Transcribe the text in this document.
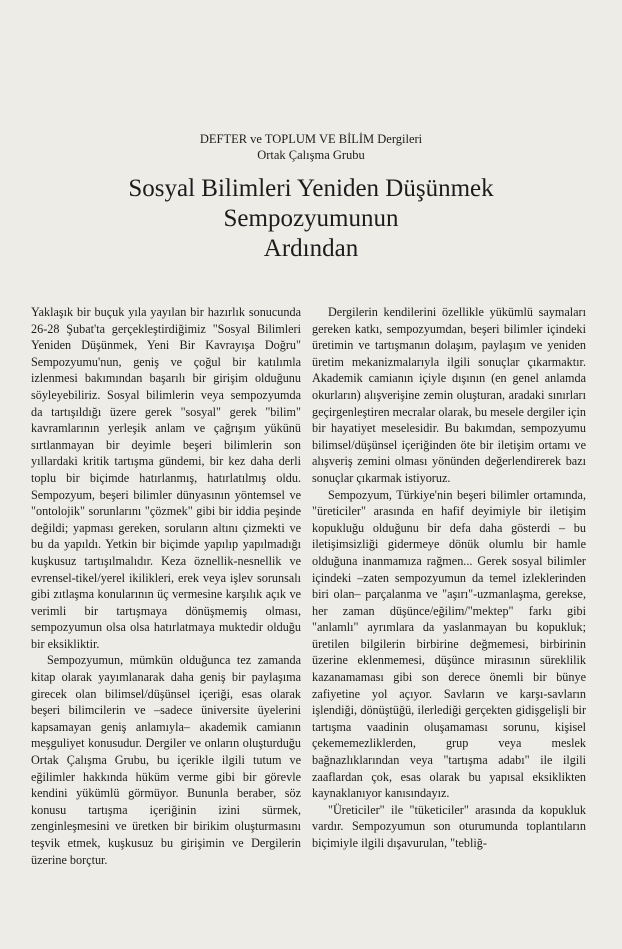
DEFTER ve TOPLUM VE BİLİM Dergileri
Ortak Çalışma Grubu
Sosyal Bilimleri Yeniden Düşünmek
Sempozyumunun
Ardından

Yaklaşık bir buçuk yıla yayılan bir hazırlık sonucunda 26-28 Şubat'ta gerçekleştirdiğimiz "Sosyal Bilimleri Yeniden Düşünmek, Yeni Bir Kavrayışa Doğru" Sempozyumu'nun, geniş ve çoğul bir katılımla izlenmesi bakımından başarılı bir girişim olduğunu söyleyebiliriz. Sosyal bilimlerin veya sempozyumda da tartışıldığı üzere gerek "sosyal" gerek "bilim" kavramlarının yerleşik anlam ve çağrışım yükünü sırtlanmayan bir deyimle beşeri bilimlerin son yıllardaki kritik tartışma gündemi, bir kez daha derli toplu bir biçimde hatırlanmış, hatırlatılmış oldu. Sempozyum, beşeri bilimler dünyasının yöntemsel ve "ontolojik" sorunlarını "çözmek" gibi bir iddia peşinde değildi; yapması gereken, soruların altını çizmekti ve bu da yapıldı. Yetkin bir biçimde yapılıp yapılmadığı kuşkusuz tartışılmalıdır. Keza öznellik-nesnellik ve evrensel-tikel/yerel ikilikleri, erek veya işlev sorunsalı gibi zıtlaşma konularının üç vermesine karşılık açık ve verimli bir tartışmaya dönüşmemiş olması, sempozyumun olsa olsa hatırlatmaya muktedir olduğu bir eksikliktir.

Sempozyumun, mümkün olduğunca tez zamanda kitap olarak yayımlanarak daha geniş bir paylaşıma girecek olan bilimsel/düşünsel içeriği, esas olarak beşeri bilimcilerin ve –sadece üniversite üyelerini kapsamayan geniş anlamıyla– akademik camianın meşguliyet konusudur. Dergiler ve onların oluşturduğu Ortak Çalışma Grubu, bu içerikle ilgili tutum ve eğilimler hakkında hüküm verme gibi bir görevle kendini yükümlü görmüyor. Bununla beraber, söz konusu tartışma içeriğinin izini sürmek, zenginleşmesini ve üretken bir birikim oluşturmasını teşvik etmek, kuşkusuz bu girişimin ve Dergilerin üzerine borçtur.

Dergilerin kendilerini özellikle yükümlü saymaları gereken katkı, sempozyumdan, beşeri bilimler içindeki üretimin ve tartışmanın dolaşım, paylaşım ve yeniden üretim mekanizmalarıyla ilgili sonuçlar çıkarmaktır. Akademik camianın içiyle dışının (en genel anlamda okurların) alışverişine zemin oluşturan, aradaki sınırları geçirgenleştiren mecralar olarak, bu mesele dergiler için bir hayatiyet meselesidir. Bu bakımdan, sempozyumu bilimsel/düşünsel içeriğinden öte bir iletişim ortamı ve alışveriş zemini olması yönünden değerlendirerek bazı sonuçlar çıkarmak istiyoruz.

Sempozyum, Türkiye'nin beşeri bilimler ortamında, "üreticiler" arasında en hafif deyimiyle bir iletişim kopukluğu olduğunu bir defa daha gösterdi – bu iletişimsizliği gidermeye dönük olumlu bir hamle olduğuna inanmamıza rağmen... Gerek sosyal bilimler içindeki –zaten sempozyumun da temel izleklerinden biri olan– parçalanma ve "aşırı"-uzmanlaşma, gerekse, her zaman düşünce/eğilim/"mektep" farkı gibi "anlamlı" ayrımlara da yaslanmayan bu kopukluk; üretilen bilgilerin birbirine değmemesi, birbirinin üzerine eklenmemesi, düşünce mirasının süreklilik kazanamaması gibi son derece önemli bir bünye zafiyetine yol açıyor. Savların ve karşı-savların işlendiği, dönüştüğü, ilerlediği gerçekten gidişgelişli bir tartışma vaadinin oluşamaması sorunu, kişisel çekememezliklerden, grup veya meslek bağnazlıklarından veya "tartışma adabı" ile ilgili zaaflardan çok, esas olarak bu yapısal eksiklikten kaynaklanıyor kanısındayız.

"Üreticiler" ile "tüketiciler" arasında da kopukluk vardır. Sempozyumun son oturumunda toplantıların biçimiyle ilgili dışavurulan, "tebliğ-
